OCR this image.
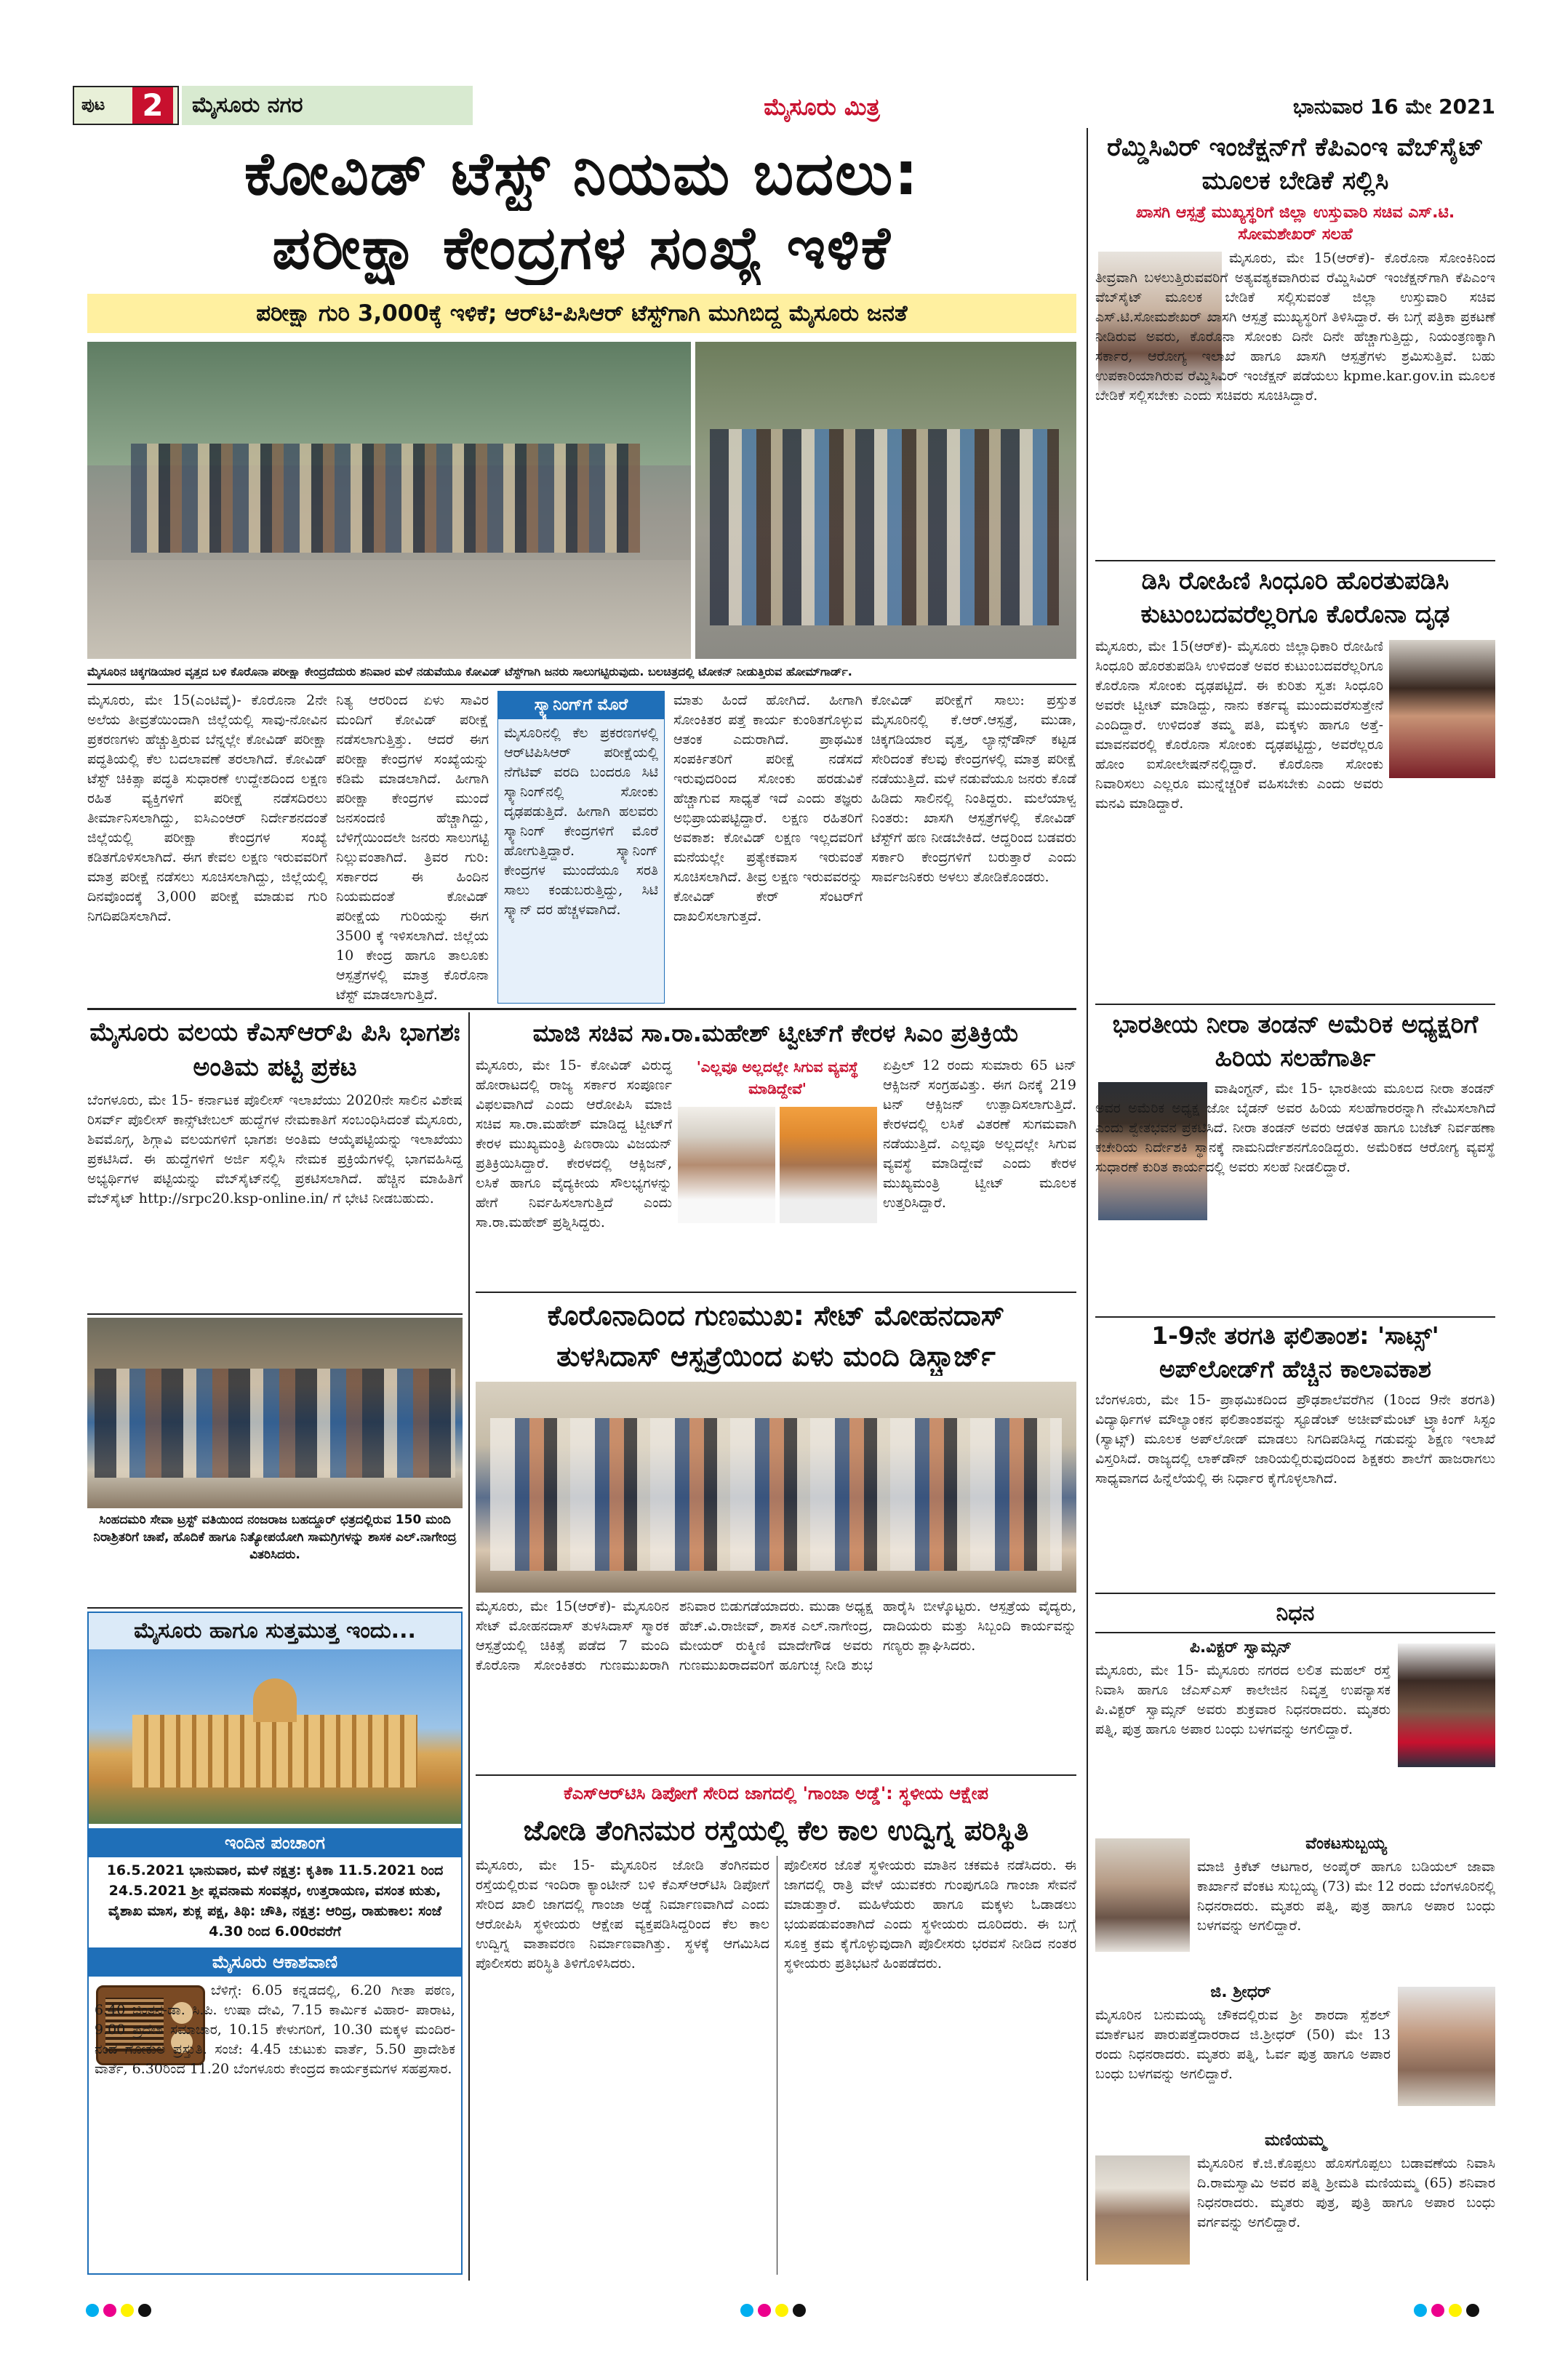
ಪುಟ	2	ಮೈಸೂರು ನಗರ	ಮೈಸೂರು ಮಿತ್ರ	ಭಾನುವಾರ 16 ಮೇ 2021
ಕೋವಿಡ್ ಟೆಸ್ಟ್ ನಿಯಮ ಬದಲು:
ಪರೀಕ್ಷಾ ಕೇಂದ್ರಗಳ ಸಂಖ್ಯೆ ಇಳಿಕೆ
ಪರೀಕ್ಷಾ ಗುರಿ 3,000ಕ್ಕೆ ಇಳಿಕೆ; ಆರ್‌ಟಿ-ಪಿಸಿಆರ್ ಟೆಸ್ಟ್‌ಗಾಗಿ ಮುಗಿಬಿದ್ದ ಮೈಸೂರು ಜನತೆ
ಮೈಸೂರಿನ ಚಿಕ್ಕಗಡಿಯಾರ ವೃತ್ತದ ಬಳಿ ಕೊರೊನಾ ಪರೀಕ್ಷಾ ಕೇಂದ್ರದೆದುರು ಶನಿವಾರ ಮಳೆ ನಡುವೆಯೂ ಕೋವಿಡ್ ಟೆಸ್ಟ್‌ಗಾಗಿ ಜನರು ಸಾಲುಗಟ್ಟಿರುವುದು. ಬಲಚಿತ್ರದಲ್ಲಿ ಟೋಕನ್ ನೀಡುತ್ತಿರುವ ಹೋಮ್‌ಗಾರ್ಡ್.
ಮೈಸೂರು, ಮೇ 15(ಎಂಟಿವೈ)- ಕೊರೊನಾ 2ನೇ ಅಲೆಯ ತೀವ್ರತೆಯಿಂದಾಗಿ ಜಿಲ್ಲೆಯಲ್ಲಿ ಸಾವು-ನೋವಿನ ಪ್ರಕರಣಗಳು ಹೆಚ್ಚುತ್ತಿರುವ ಬೆನ್ನಲ್ಲೇ ಕೋವಿಡ್ ಪರೀಕ್ಷಾ ಪದ್ಧತಿಯಲ್ಲಿ ಕೆಲ ಬದಲಾವಣೆ ತರಲಾಗಿದೆ. ಕೋವಿಡ್ ಟೆಸ್ಟ್ ಚಿಕಿತ್ಸಾ ಪದ್ಧತಿ ಸುಧಾರಣೆ ಉದ್ದೇಶದಿಂದ ಲಕ್ಷಣ ರಹಿತ ವ್ಯಕ್ತಿಗಳಿಗೆ ಪರೀಕ್ಷೆ ನಡೆಸದಿರಲು ತೀರ್ಮಾನಿಸಲಾಗಿದ್ದು, ಐಸಿಎಂಆರ್ ನಿರ್ದೇಶನದಂತೆ ಜಿಲ್ಲೆಯಲ್ಲಿ ಪರೀಕ್ಷಾ ಕೇಂದ್ರಗಳ ಸಂಖ್ಯೆ ಕಡಿತಗೊಳಿಸಲಾಗಿದೆ. ಈಗ ಕೇವಲ ಲಕ್ಷಣ ಇರುವವರಿಗೆ ಮಾತ್ರ ಪರೀಕ್ಷೆ ನಡೆಸಲು ಸೂಚಿಸಲಾಗಿದ್ದು, ಜಿಲ್ಲೆಯಲ್ಲಿ ದಿನವೊಂದಕ್ಕೆ 3,000 ಪರೀಕ್ಷೆ ಮಾಡುವ ಗುರಿ ನಿಗದಿಪಡಿಸಲಾಗಿದೆ.
ನಿತ್ಯ ಆರರಿಂದ ಏಳು ಸಾವಿರ ಮಂದಿಗೆ ಕೋವಿಡ್ ಪರೀಕ್ಷೆ ನಡೆಸಲಾಗುತ್ತಿತ್ತು. ಆದರೆ ಈಗ ಪರೀಕ್ಷಾ ಕೇಂದ್ರಗಳ ಸಂಖ್ಯೆಯನ್ನು ಕಡಿಮೆ ಮಾಡಲಾಗಿದೆ. ಹೀಗಾಗಿ ಪರೀಕ್ಷಾ ಕೇಂದ್ರಗಳ ಮುಂದೆ ಜನಸಂದಣಿ ಹೆಚ್ಚಾಗಿದ್ದು, ಬೆಳಿಗ್ಗೆಯಿಂದಲೇ ಜನರು ಸಾಲುಗಟ್ಟಿ ನಿಲ್ಲುವಂತಾಗಿದೆ. ತ್ರಿವರ ಗುರಿ: ಸರ್ಕಾರದ ಈ ಹಿಂದಿನ ನಿಯಮದಂತೆ ಕೋವಿಡ್ ಪರೀಕ್ಷೆಯ ಗುರಿಯನ್ನು ಈಗ 3500 ಕ್ಕೆ ಇಳಿಸಲಾಗಿದೆ. ಜಿಲ್ಲೆಯ 10 ಕೇಂದ್ರ ಹಾಗೂ ತಾಲೂಕು ಆಸ್ಪತ್ರೆಗಳಲ್ಲಿ ಮಾತ್ರ ಕೊರೊನಾ ಟೆಸ್ಟ್ ಮಾಡಲಾಗುತ್ತಿದೆ.
ಸ್ಕ್ಯಾನಿಂಗ್‌ಗೆ ಮೊರೆ
ಮೈಸೂರಿನಲ್ಲಿ ಕೆಲ ಪ್ರಕರಣಗಳಲ್ಲಿ ಆರ್‌ಟಿಪಿಸಿಆರ್ ಪರೀಕ್ಷೆಯಲ್ಲಿ ನೆಗೆಟಿವ್ ವರದಿ ಬಂದರೂ ಸಿಟಿ ಸ್ಕ್ಯಾನಿಂಗ್‌ನಲ್ಲಿ ಸೋಂಕು ದೃಢಪಡುತ್ತಿದೆ. ಹೀಗಾಗಿ ಹಲವರು ಸ್ಕ್ಯಾನಿಂಗ್ ಕೇಂದ್ರಗಳಿಗೆ ಮೊರೆ ಹೋಗುತ್ತಿದ್ದಾರೆ. ಸ್ಕ್ಯಾನಿಂಗ್ ಕೇಂದ್ರಗಳ ಮುಂದೆಯೂ ಸರತಿ ಸಾಲು ಕಂಡುಬರುತ್ತಿದ್ದು, ಸಿಟಿ ಸ್ಕ್ಯಾನ್ ದರ ಹೆಚ್ಚಳವಾಗಿದೆ.
ಮಾತು ಹಿಂದೆ ಹೋಗಿದೆ. ಹೀಗಾಗಿ ಸೋಂಕಿತರ ಪತ್ತೆ ಕಾರ್ಯ ಕುಂಠಿತಗೊಳ್ಳುವ ಆತಂಕ ಎದುರಾಗಿದೆ. ಪ್ರಾಥಮಿಕ ಸಂಪರ್ಕಿತರಿಗೆ ಪರೀಕ್ಷೆ ನಡೆಸದೆ ಇರುವುದರಿಂದ ಸೋಂಕು ಹರಡುವಿಕೆ ಹೆಚ್ಚಾಗುವ ಸಾಧ್ಯತೆ ಇದೆ ಎಂದು ತಜ್ಞರು ಅಭಿಪ್ರಾಯಪಟ್ಟಿದ್ದಾರೆ. ಲಕ್ಷಣ ರಹಿತರಿಗೆ ಅವಕಾಶ: ಕೋವಿಡ್ ಲಕ್ಷಣ ಇಲ್ಲದವರಿಗೆ ಮನೆಯಲ್ಲೇ ಪ್ರತ್ಯೇಕವಾಸ ಇರುವಂತೆ ಸೂಚಿಸಲಾಗಿದೆ. ತೀವ್ರ ಲಕ್ಷಣ ಇರುವವರನ್ನು ಕೋವಿಡ್ ಕೇರ್ ಸೆಂಟರ್‌ಗೆ ದಾಖಲಿಸಲಾಗುತ್ತದೆ.
ಕೋವಿಡ್ ಪರೀಕ್ಷೆಗೆ ಸಾಲು: ಪ್ರಸ್ತುತ ಮೈಸೂರಿನಲ್ಲಿ ಕೆ.ಆರ್.ಆಸ್ಪತ್ರೆ, ಮುಡಾ, ಚಿಕ್ಕಗಡಿಯಾರ ವೃತ್ತ, ಲ್ಯಾನ್ಸ್‌ಡೌನ್ ಕಟ್ಟಡ ಸೇರಿದಂತೆ ಕೆಲವು ಕೇಂದ್ರಗಳಲ್ಲಿ ಮಾತ್ರ ಪರೀಕ್ಷೆ ನಡೆಯುತ್ತಿದೆ. ಮಳೆ ನಡುವೆಯೂ ಜನರು ಕೊಡೆ ಹಿಡಿದು ಸಾಲಿನಲ್ಲಿ ನಿಂತಿದ್ದರು. ಮಲೆಯಾಳ್ವ ನಿಂತರು: ಖಾಸಗಿ ಆಸ್ಪತ್ರೆಗಳಲ್ಲಿ ಕೋವಿಡ್ ಟೆಸ್ಟ್‌ಗೆ ಹಣ ನೀಡಬೇಕಿದೆ. ಆದ್ದರಿಂದ ಬಡವರು ಸರ್ಕಾರಿ ಕೇಂದ್ರಗಳಿಗೆ ಬರುತ್ತಾರೆ ಎಂದು ಸಾರ್ವಜನಿಕರು ಅಳಲು ತೋಡಿಕೊಂಡರು.
ರೆಮ್ಡಿಸಿವಿರ್ ಇಂಜೆಕ್ಷನ್‌ಗೆ ಕೆಪಿಎಂಇ ವೆಬ್‌ಸೈಟ್ ಮೂಲಕ ಬೇಡಿಕೆ ಸಲ್ಲಿಸಿ
ಖಾಸಗಿ ಆಸ್ಪತ್ರೆ ಮುಖ್ಯಸ್ಥರಿಗೆ ಜಿಲ್ಲಾ ಉಸ್ತುವಾರಿ ಸಚಿವ ಎಸ್.ಟಿ. ಸೋಮಶೇಖರ್ ಸಲಹೆ
ಮೈಸೂರು, ಮೇ 15(ಆರ್‌ಕೆ)- ಕೊರೊನಾ ಸೋಂಕಿನಿಂದ ತೀವ್ರವಾಗಿ ಬಳಲುತ್ತಿರುವವರಿಗೆ ಅತ್ಯವಶ್ಯಕವಾಗಿರುವ ರೆಮ್ಡಿಸಿವಿರ್ ಇಂಜೆಕ್ಷನ್‌ಗಾಗಿ ಕೆಪಿಎಂಇ ವೆಬ್‌ಸೈಟ್ ಮೂಲಕ ಬೇಡಿಕೆ ಸಲ್ಲಿಸುವಂತೆ ಜಿಲ್ಲಾ ಉಸ್ತುವಾರಿ ಸಚಿವ ಎಸ್.ಟಿ.ಸೋಮಶೇಖರ್ ಖಾಸಗಿ ಆಸ್ಪತ್ರೆ ಮುಖ್ಯಸ್ಥರಿಗೆ ತಿಳಿಸಿದ್ದಾರೆ. ಈ ಬಗ್ಗೆ ಪತ್ರಿಕಾ ಪ್ರಕಟಣೆ ನೀಡಿರುವ ಅವರು, ಕೊರೊನಾ ಸೋಂಕು ದಿನೇ ದಿನೇ ಹೆಚ್ಚಾಗುತ್ತಿದ್ದು, ನಿಯಂತ್ರಣಕ್ಕಾಗಿ ಸರ್ಕಾರ, ಆರೋಗ್ಯ ಇಲಾಖೆ ಹಾಗೂ ಖಾಸಗಿ ಆಸ್ಪತ್ರೆಗಳು ಶ್ರಮಿಸುತ್ತಿವೆ. ಬಹು ಉಪಕಾರಿಯಾಗಿರುವ ರೆಮ್ಡಿಸಿವಿರ್ ಇಂಜೆಕ್ಷನ್ ಪಡೆಯಲು kpme.kar.gov.in ಮೂಲಕ ಬೇಡಿಕೆ ಸಲ್ಲಿಸಬೇಕು ಎಂದು ಸಚಿವರು ಸೂಚಿಸಿದ್ದಾರೆ.
ಡಿಸಿ ರೋಹಿಣಿ ಸಿಂಧೂರಿ ಹೊರತುಪಡಿಸಿ ಕುಟುಂಬದವರೆಲ್ಲರಿಗೂ ಕೊರೊನಾ ದೃಢ
ಮೈಸೂರು, ಮೇ 15(ಆರ್‌ಕೆ)- ಮೈಸೂರು ಜಿಲ್ಲಾಧಿಕಾರಿ ರೋಹಿಣಿ ಸಿಂಧೂರಿ ಹೊರತುಪಡಿಸಿ ಉಳಿದಂತೆ ಅವರ ಕುಟುಂಬದವರೆಲ್ಲರಿಗೂ ಕೊರೊನಾ ಸೋಂಕು ದೃಢಪಟ್ಟಿದೆ. ಈ ಕುರಿತು ಸ್ವತಃ ಸಿಂಧೂರಿ ಅವರೇ ಟ್ವೀಟ್ ಮಾಡಿದ್ದು, ನಾನು ಕರ್ತವ್ಯ ಮುಂದುವರೆಸುತ್ತೇನೆ ಎಂದಿದ್ದಾರೆ. ಉಳಿದಂತೆ ತಮ್ಮ ಪತಿ, ಮಕ್ಕಳು ಹಾಗೂ ಅತ್ತೆ-ಮಾವನವರಲ್ಲಿ ಕೊರೊನಾ ಸೋಂಕು ದೃಢಪಟ್ಟಿದ್ದು, ಅವರೆಲ್ಲರೂ ಹೋಂ ಐಸೋಲೇಷನ್‌ನಲ್ಲಿದ್ದಾರೆ. ಕೊರೊನಾ ಸೋಂಕು ನಿವಾರಿಸಲು ಎಲ್ಲರೂ ಮುನ್ನೆಚ್ಚರಿಕೆ ವಹಿಸಬೇಕು ಎಂದು ಅವರು ಮನವಿ ಮಾಡಿದ್ದಾರೆ.
ಭಾರತೀಯ ನೀರಾ ತಂಡನ್ ಅಮೆರಿಕ ಅಧ್ಯಕ್ಷರಿಗೆ ಹಿರಿಯ ಸಲಹೆಗಾರ್ತಿ
ವಾಷಿಂಗ್ಟನ್, ಮೇ 15- ಭಾರತೀಯ ಮೂಲದ ನೀರಾ ತಂಡನ್ ಅವರ ಅಮೆರಿಕ ಅಧ್ಯಕ್ಷ ಜೋ ಬೈಡನ್ ಅವರ ಹಿರಿಯ ಸಲಹೆಗಾರರನ್ನಾಗಿ ನೇಮಿಸಲಾಗಿದೆ ಎಂದು ಶ್ವೇತಭವನ ಪ್ರಕಟಿಸಿದೆ. ನೀರಾ ತಂಡನ್ ಅವರು ಆಡಳಿತ ಹಾಗೂ ಬಜೆಟ್ ನಿರ್ವಹಣಾ ಕಚೇರಿಯ ನಿರ್ದೇಶಕಿ ಸ್ಥಾನಕ್ಕೆ ನಾಮನಿರ್ದೇಶನಗೊಂಡಿದ್ದರು. ಅಮೆರಿಕದ ಆರೋಗ್ಯ ವ್ಯವಸ್ಥೆ ಸುಧಾರಣೆ ಕುರಿತ ಕಾರ್ಯದಲ್ಲಿ ಅವರು ಸಲಹೆ ನೀಡಲಿದ್ದಾರೆ.
1-9ನೇ ತರಗತಿ ಫಲಿತಾಂಶ: 'ಸಾಟ್ಸ್' ಅಪ್‌ಲೋಡ್‌ಗೆ ಹೆಚ್ಚಿನ ಕಾಲಾವಕಾಶ
ಬೆಂಗಳೂರು, ಮೇ 15- ಪ್ರಾಥಮಿಕದಿಂದ ಪ್ರೌಢಶಾಲೆವರೆಗಿನ (1ರಿಂದ 9ನೇ ತರಗತಿ) ವಿದ್ಯಾರ್ಥಿಗಳ ಮೌಲ್ಯಾಂಕನ ಫಲಿತಾಂಶವನ್ನು ಸ್ಟೂಡೆಂಟ್ ಅಚೀವ್‌ಮೆಂಟ್ ಟ್ರ್ಯಾಕಿಂಗ್ ಸಿಸ್ಟಂ (ಸ್ಯಾಟ್ಸ್) ಮೂಲಕ ಅಪ್‌ಲೋಡ್ ಮಾಡಲು ನಿಗದಿಪಡಿಸಿದ್ದ ಗಡುವನ್ನು ಶಿಕ್ಷಣ ಇಲಾಖೆ ವಿಸ್ತರಿಸಿದೆ. ರಾಜ್ಯದಲ್ಲಿ ಲಾಕ್‌ಡೌನ್ ಜಾರಿಯಲ್ಲಿರುವುದರಿಂದ ಶಿಕ್ಷಕರು ಶಾಲೆಗೆ ಹಾಜರಾಗಲು ಸಾಧ್ಯವಾಗದ ಹಿನ್ನೆಲೆಯಲ್ಲಿ ಈ ನಿರ್ಧಾರ ಕೈಗೊಳ್ಳಲಾಗಿದೆ.
ನಿಧನ
ಪಿ.ವಿಕ್ಟರ್ ಸ್ವಾಮ್ಸನ್
ಮೈಸೂರು, ಮೇ 15- ಮೈಸೂರು ನಗರದ ಲಲಿತ ಮಹಲ್ ರಸ್ತೆ ನಿವಾಸಿ ಹಾಗೂ ಜೆಎಸ್ಎಸ್ ಕಾಲೇಜಿನ ನಿವೃತ್ತ ಉಪನ್ಯಾಸಕ ಪಿ.ವಿಕ್ಟರ್ ಸ್ವಾಮ್ಸನ್ ಅವರು ಶುಕ್ರವಾರ ನಿಧನರಾದರು. ಮೃತರು ಪತ್ನಿ, ಪುತ್ರ ಹಾಗೂ ಅಪಾರ ಬಂಧು ಬಳಗವನ್ನು ಅಗಲಿದ್ದಾರೆ.
ವೆಂಕಟಸುಬ್ಬಯ್ಯ
ಮಾಜಿ ಕ್ರಿಕೆಟ್ ಆಟಗಾರ, ಅಂಪೈರ್ ಹಾಗೂ ಬಡಿಯಲ್ ಜಾವಾ ಕಾರ್ಖಾನೆ ವೆಂಕಟ ಸುಬ್ಬಯ್ಯ (73) ಮೇ 12 ರಂದು ಬೆಂಗಳೂರಿನಲ್ಲಿ ನಿಧನರಾದರು. ಮೃತರು ಪತ್ನಿ, ಪುತ್ರ ಹಾಗೂ ಅಪಾರ ಬಂಧು ಬಳಗವನ್ನು ಅಗಲಿದ್ದಾರೆ.
ಜಿ. ಶ್ರೀಧರ್
ಮೈಸೂರಿನ ಬನುಮಯ್ಯ ಚೌಕದಲ್ಲಿರುವ ಶ್ರೀ ಶಾರದಾ ಸ್ಪೆಶಲ್ ಮಾರ್ಕೆಟನ ಪಾರುಪತ್ತೆದಾರರಾದ ಜಿ.ಶ್ರೀಧರ್ (50) ಮೇ 13 ರಂದು ನಿಧನರಾದರು. ಮೃತರು ಪತ್ನಿ, ಓರ್ವ ಪುತ್ರ ಹಾಗೂ ಅಪಾರ ಬಂಧು ಬಳಗವನ್ನು ಅಗಲಿದ್ದಾರೆ.
ಮಣಿಯಮ್ಮ
ಮೈಸೂರಿನ ಕೆ.ಜಿ.ಕೊಪ್ಪಲು ಹೊಸಗೊಪ್ಪಲು ಬಡಾವಣೆಯ ನಿವಾಸಿ ದಿ.ರಾಮಸ್ವಾಮಿ ಅವರ ಪತ್ನಿ ಶ್ರೀಮತಿ ಮಣಿಯಮ್ಮ (65) ಶನಿವಾರ ನಿಧನರಾದರು. ಮೃತರು ಪುತ್ರ, ಪುತ್ರಿ ಹಾಗೂ ಅಪಾರ ಬಂಧು ವರ್ಗವನ್ನು ಅಗಲಿದ್ದಾರೆ.
ಮೈಸೂರು ವಲಯ ಕೆಎಸ್‌ಆರ್‌ಪಿ ಪಿಸಿ ಭಾಗಶಃ ಅಂತಿಮ ಪಟ್ಟಿ ಪ್ರಕಟ
ಬೆಂಗಳೂರು, ಮೇ 15- ಕರ್ನಾಟಕ ಪೊಲೀಸ್ ಇಲಾಖೆಯು 2020ನೇ ಸಾಲಿನ ವಿಶೇಷ ರಿಸರ್ವ್ ಪೊಲೀಸ್ ಕಾನ್ಸ್‌ಟೇಬಲ್ ಹುದ್ದೆಗಳ ನೇಮಕಾತಿಗೆ ಸಂಬಂಧಿಸಿದಂತೆ ಮೈಸೂರು, ಶಿವಮೊಗ್ಗ, ಶಿಗ್ಗಾವಿ ವಲಯಗಳಿಗೆ ಭಾಗಶಃ ಅಂತಿಮ ಆಯ್ಕೆಪಟ್ಟಿಯನ್ನು ಇಲಾಖೆಯು ಪ್ರಕಟಿಸಿದೆ. ಈ ಹುದ್ದೆಗಳಿಗೆ ಅರ್ಜಿ ಸಲ್ಲಿಸಿ ನೇಮಕ ಪ್ರಕ್ರಿಯೆಗಳಲ್ಲಿ ಭಾಗವಹಿಸಿದ್ದ ಅಭ್ಯರ್ಥಿಗಳ ಪಟ್ಟಿಯನ್ನು ವೆಬ್‌ಸೈಟ್‌ನಲ್ಲಿ ಪ್ರಕಟಿಸಲಾಗಿದೆ. ಹೆಚ್ಚಿನ ಮಾಹಿತಿಗೆ ವೆಬ್‌ಸೈಟ್ http://srpc20.ksp-online.in/ ಗೆ ಭೇಟಿ ನೀಡಬಹುದು.
ಸಿಂಹದಮರಿ ಸೇವಾ ಟ್ರಸ್ಟ್ ವತಿಯಿಂದ ನಂಜರಾಜ ಬಹದ್ದೂರ್ ಛತ್ರದಲ್ಲಿರುವ 150 ಮಂದಿ ನಿರಾಶ್ರಿತರಿಗೆ ಚಾಪೆ, ಹೊದಿಕೆ ಹಾಗೂ ನಿತ್ಯೋಪಯೋಗಿ ಸಾಮಗ್ರಿಗಳನ್ನು ಶಾಸಕ ಎಲ್.ನಾಗೇಂದ್ರ ವಿತರಿಸಿದರು.
ಮೈಸೂರು ಹಾಗೂ ಸುತ್ತಮುತ್ತ ಇಂದು...
ಇಂದಿನ ಪಂಚಾಂಗ
16.5.2021 ಭಾನುವಾರ, ಮಳೆ ನಕ್ಷತ್ರ: ಕೃತಿಕಾ 11.5.2021 ರಿಂದ 24.5.2021 ಶ್ರೀ ಪ್ಲವನಾಮ ಸಂವತ್ಸರ, ಉತ್ತರಾಯಣ, ವಸಂತ ಋತು, ವೈಶಾಖ ಮಾಸ, ಶುಕ್ಲ ಪಕ್ಷ, ತಿಥಿ: ಚೌತಿ, ನಕ್ಷತ್ರ: ಆರಿದ್ರ, ರಾಹುಕಾಲ: ಸಂಜೆ 4.30 ರಿಂದ 6.00ರವರೆಗೆ
ಮೈಸೂರು ಆಕಾಶವಾಣಿ
ಬೆಳಿಗ್ಗೆ: 6.05 ಕನ್ನಡದಲ್ಲಿ, 6.20 ಗೀತಾ ಪಠಣ, 6.40 ಚಿಂತನ-ಡಾ. ಸಿ.ಪಿ. ಉಷಾ ದೇವಿ, 7.15 ಕಾರ್ಮಿಕ ವಿಹಾರ- ಪಾರಾಟ, 9.00 ಪ್ರದೇಶ ಸಮಾಚಾರ, 10.15 ಕೇಳುಗರಿಗೆ, 10.30 ಮಕ್ಕಳ ಮಂದಿರ- ನಂದ ಗೋಕುಲ ಪ್ರಸ್ತುತಿ. ಸಂಜೆ: 4.45 ಚುಟುಕು ವಾರ್ತೆ, 5.50 ಪ್ರಾದೇಶಿಕ ವಾರ್ತೆ, 6.30ರಿಂದ 11.20 ಬೆಂಗಳೂರು ಕೇಂದ್ರದ ಕಾರ್ಯಕ್ರಮಗಳ ಸಹಪ್ರಸಾರ.
ಮಾಜಿ ಸಚಿವ ಸಾ.ರಾ.ಮಹೇಶ್ ಟ್ವೀಟ್‌ಗೆ ಕೇರಳ ಸಿಎಂ ಪ್ರತಿಕ್ರಿಯೆ
ಮೈಸೂರು, ಮೇ 15- ಕೋವಿಡ್ ವಿರುದ್ಧ ಹೋರಾಟದಲ್ಲಿ ರಾಜ್ಯ ಸರ್ಕಾರ ಸಂಪೂರ್ಣ ವಿಫಲವಾಗಿದೆ ಎಂದು ಆರೋಪಿಸಿ ಮಾಜಿ ಸಚಿವ ಸಾ.ರಾ.ಮಹೇಶ್ ಮಾಡಿದ್ದ ಟ್ವೀಟ್‌ಗೆ ಕೇರಳ ಮುಖ್ಯಮಂತ್ರಿ ಪಿಣರಾಯಿ ವಿಜಯನ್ ಪ್ರತಿಕ್ರಿಯಿಸಿದ್ದಾರೆ. ಕೇರಳದಲ್ಲಿ ಆಕ್ಸಿಜನ್, ಲಸಿಕೆ ಹಾಗೂ ವೈದ್ಯಕೀಯ ಸೌಲಭ್ಯಗಳನ್ನು ಹೇಗೆ ನಿರ್ವಹಿಸಲಾಗುತ್ತಿದೆ ಎಂದು ಸಾ.ರಾ.ಮಹೇಶ್ ಪ್ರಶ್ನಿಸಿದ್ದರು.
'ಎಲ್ಲವೂ ಅಲ್ಲದಲ್ಲೇ ಸಿಗುವ ವ್ಯವಸ್ಥೆ ಮಾಡಿದ್ದೇವೆ'
ಏಪ್ರಿಲ್ 12 ರಂದು ಸುಮಾರು 65 ಟನ್ ಆಕ್ಸಿಜನ್ ಸಂಗ್ರಹವಿತ್ತು. ಈಗ ದಿನಕ್ಕೆ 219 ಟನ್ ಆಕ್ಸಿಜನ್ ಉತ್ಪಾದಿಸಲಾಗುತ್ತಿದೆ. ಕೇರಳದಲ್ಲಿ ಲಸಿಕೆ ವಿತರಣೆ ಸುಗಮವಾಗಿ ನಡೆಯುತ್ತಿದೆ. ಎಲ್ಲವೂ ಅಲ್ಲದಲ್ಲೇ ಸಿಗುವ ವ್ಯವಸ್ಥೆ ಮಾಡಿದ್ದೇವೆ ಎಂದು ಕೇರಳ ಮುಖ್ಯಮಂತ್ರಿ ಟ್ವೀಟ್ ಮೂಲಕ ಉತ್ತರಿಸಿದ್ದಾರೆ.
ಕೊರೊನಾದಿಂದ ಗುಣಮುಖ: ಸೇಟ್ ಮೋಹನದಾಸ್
ತುಳಸಿದಾಸ್ ಆಸ್ಪತ್ರೆಯಿಂದ ಏಳು ಮಂದಿ ಡಿಸ್ಚಾರ್ಜ್
ಮೈಸೂರು, ಮೇ 15(ಆರ್‌ಕೆ)- ಮೈಸೂರಿನ ಸೇಟ್ ಮೋಹನದಾಸ್ ತುಳಸಿದಾಸ್ ಸ್ಮಾರಕ ಆಸ್ಪತ್ರೆಯಲ್ಲಿ ಚಿಕಿತ್ಸೆ ಪಡೆದ 7 ಮಂದಿ ಕೊರೊನಾ ಸೋಂಕಿತರು ಗುಣಮುಖರಾಗಿ ಶನಿವಾರ ಬಿಡುಗಡೆಯಾದರು. ಮುಡಾ ಅಧ್ಯಕ್ಷ ಹೆಚ್.ವಿ.ರಾಜೀವ್, ಶಾಸಕ ಎಲ್.ನಾಗೇಂದ್ರ, ಮೇಯರ್ ರುಕ್ಮಿಣಿ ಮಾದೇಗೌಡ ಅವರು ಗುಣಮುಖರಾದವರಿಗೆ ಹೂಗುಚ್ಛ ನೀಡಿ ಶುಭ ಹಾರೈಸಿ ಬೀಳ್ಕೊಟ್ಟರು. ಆಸ್ಪತ್ರೆಯ ವೈದ್ಯರು, ದಾದಿಯರು ಮತ್ತು ಸಿಬ್ಬಂದಿ ಕಾರ್ಯವನ್ನು ಗಣ್ಯರು ಶ್ಲಾಘಿಸಿದರು.
ಕೆಎಸ್‌ಆರ್‌ಟಿಸಿ ಡಿಪೋಗೆ ಸೇರಿದ ಜಾಗದಲ್ಲಿ 'ಗಾಂಜಾ ಅಡ್ಡೆ': ಸ್ಥಳೀಯ ಆಕ್ಷೇಪ
ಜೋಡಿ ತೆಂಗಿನಮರ ರಸ್ತೆಯಲ್ಲಿ ಕೆಲ ಕಾಲ ಉದ್ವಿಗ್ನ ಪರಿಸ್ಥಿತಿ
ಮೈಸೂರು, ಮೇ 15- ಮೈಸೂರಿನ ಜೋಡಿ ತೆಂಗಿನಮರ ರಸ್ತೆಯಲ್ಲಿರುವ ಇಂದಿರಾ ಕ್ಯಾಂಟೀನ್ ಬಳಿ ಕೆಎಸ್‌ಆರ್‌ಟಿಸಿ ಡಿಪೋಗೆ ಸೇರಿದ ಖಾಲಿ ಜಾಗದಲ್ಲಿ ಗಾಂಜಾ ಅಡ್ಡೆ ನಿರ್ಮಾಣವಾಗಿದೆ ಎಂದು ಆರೋಪಿಸಿ ಸ್ಥಳೀಯರು ಆಕ್ಷೇಪ ವ್ಯಕ್ತಪಡಿಸಿದ್ದರಿಂದ ಕೆಲ ಕಾಲ ಉದ್ವಿಗ್ನ ವಾತಾವರಣ ನಿರ್ಮಾಣವಾಗಿತ್ತು. ಸ್ಥಳಕ್ಕೆ ಆಗಮಿಸಿದ ಪೊಲೀಸರು ಪರಿಸ್ಥಿತಿ ತಿಳಿಗೊಳಿಸಿದರು.
ಪೊಲೀಸರ ಜೊತೆ ಸ್ಥಳೀಯರು ಮಾತಿನ ಚಕಮಕಿ ನಡೆಸಿದರು. ಈ ಜಾಗದಲ್ಲಿ ರಾತ್ರಿ ವೇಳೆ ಯುವಕರು ಗುಂಪುಗೂಡಿ ಗಾಂಜಾ ಸೇವನೆ ಮಾಡುತ್ತಾರೆ. ಮಹಿಳೆಯರು ಹಾಗೂ ಮಕ್ಕಳು ಓಡಾಡಲು ಭಯಪಡುವಂತಾಗಿದೆ ಎಂದು ಸ್ಥಳೀಯರು ದೂರಿದರು. ಈ ಬಗ್ಗೆ ಸೂಕ್ತ ಕ್ರಮ ಕೈಗೊಳ್ಳುವುದಾಗಿ ಪೊಲೀಸರು ಭರವಸೆ ನೀಡಿದ ನಂತರ ಸ್ಥಳೀಯರು ಪ್ರತಿಭಟನೆ ಹಿಂಪಡೆದರು.
